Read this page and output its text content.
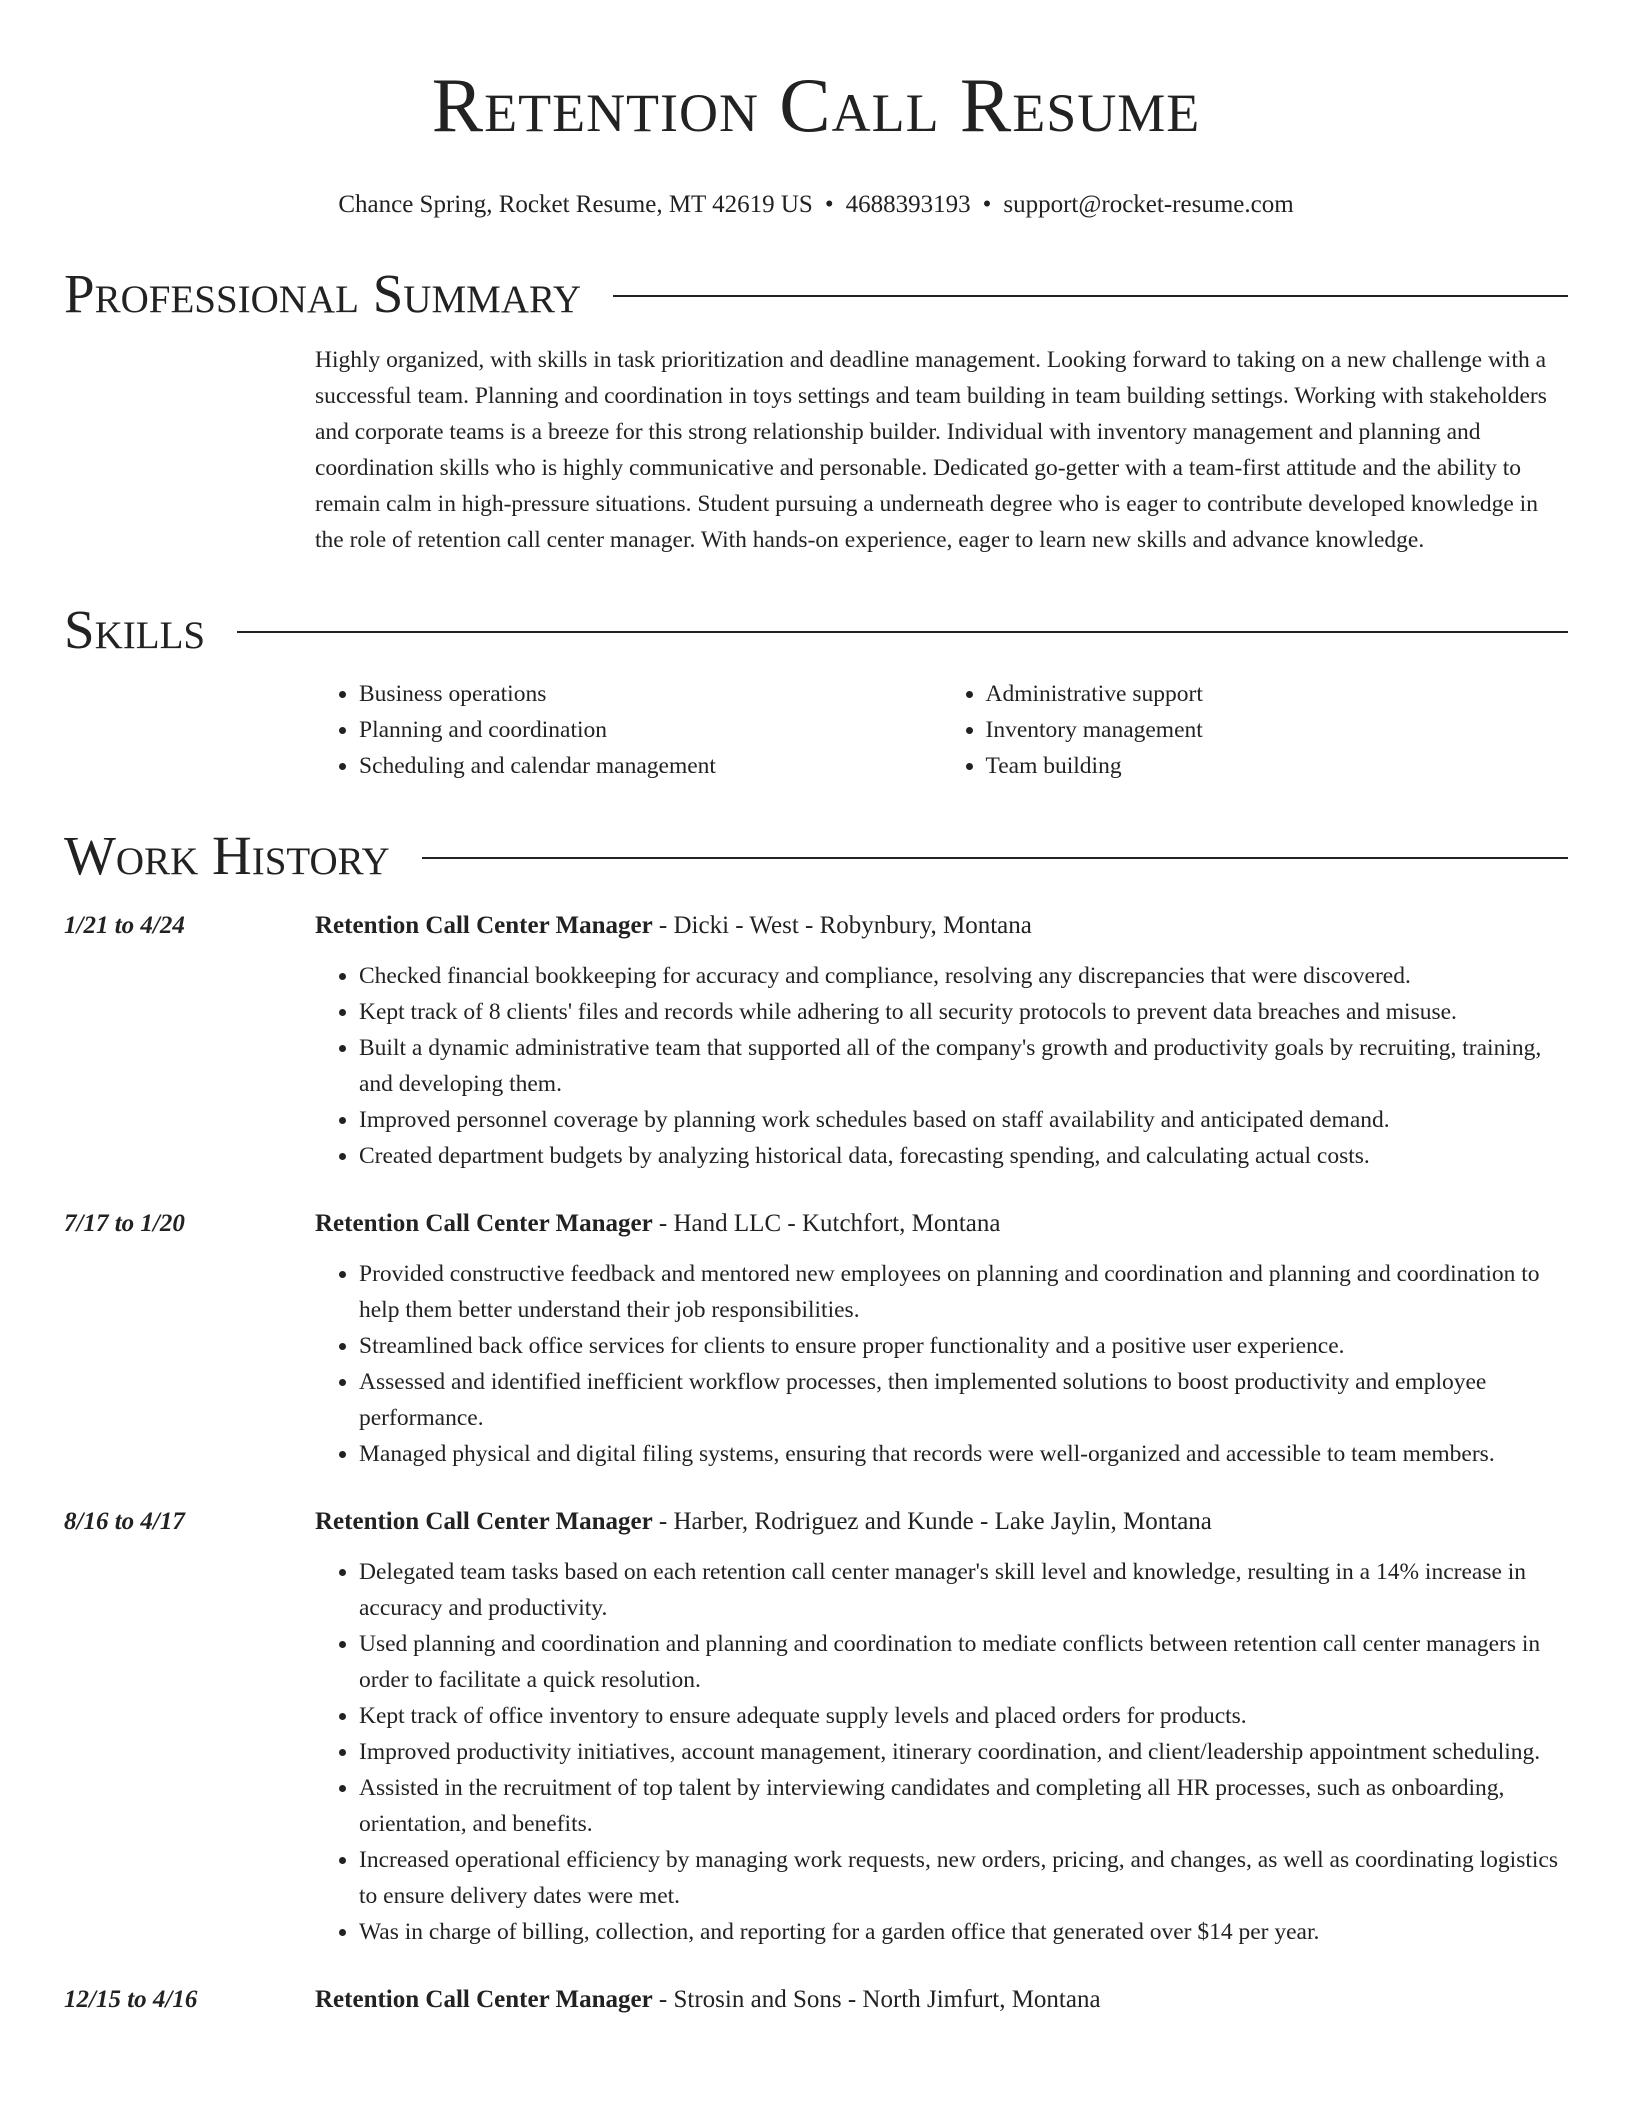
Retention Call Resume
Chance Spring, Rocket Resume, MT 42619 US • 4688393193 • support@rocket-resume.com
Professional Summary
Highly organized, with skills in task prioritization and deadline management. Looking forward to taking on a new challenge with a successful team. Planning and coordination in toys settings and team building in team building settings. Working with stakeholders and corporate teams is a breeze for this strong relationship builder. Individual with inventory management and planning and coordination skills who is highly communicative and personable. Dedicated go-getter with a team-first attitude and the ability to remain calm in high-pressure situations. Student pursuing a underneath degree who is eager to contribute developed knowledge in the role of retention call center manager. With hands-on experience, eager to learn new skills and advance knowledge.
Skills
• Business operations
• Planning and coordination
• Scheduling and calendar management
• Administrative support
• Inventory management
• Team building
Work History
1/21 to 4/24	Retention Call Center Manager - Dicki - West - Robynbury, Montana
• Checked financial bookkeeping for accuracy and compliance, resolving any discrepancies that were discovered.
• Kept track of 8 clients' files and records while adhering to all security protocols to prevent data breaches and misuse.
• Built a dynamic administrative team that supported all of the company's growth and productivity goals by recruiting, training, and developing them.
• Improved personnel coverage by planning work schedules based on staff availability and anticipated demand.
• Created department budgets by analyzing historical data, forecasting spending, and calculating actual costs.
7/17 to 1/20	Retention Call Center Manager - Hand LLC - Kutchfort, Montana
• Provided constructive feedback and mentored new employees on planning and coordination and planning and coordination to help them better understand their job responsibilities.
• Streamlined back office services for clients to ensure proper functionality and a positive user experience.
• Assessed and identified inefficient workflow processes, then implemented solutions to boost productivity and employee performance.
• Managed physical and digital filing systems, ensuring that records were well-organized and accessible to team members.
8/16 to 4/17	Retention Call Center Manager - Harber, Rodriguez and Kunde - Lake Jaylin, Montana
• Delegated team tasks based on each retention call center manager's skill level and knowledge, resulting in a 14% increase in accuracy and productivity.
• Used planning and coordination and planning and coordination to mediate conflicts between retention call center managers in order to facilitate a quick resolution.
• Kept track of office inventory to ensure adequate supply levels and placed orders for products.
• Improved productivity initiatives, account management, itinerary coordination, and client/leadership appointment scheduling.
• Assisted in the recruitment of top talent by interviewing candidates and completing all HR processes, such as onboarding, orientation, and benefits.
• Increased operational efficiency by managing work requests, new orders, pricing, and changes, as well as coordinating logistics to ensure delivery dates were met.
• Was in charge of billing, collection, and reporting for a garden office that generated over $14 per year.
12/15 to 4/16	Retention Call Center Manager - Strosin and Sons - North Jimfurt, Montana
